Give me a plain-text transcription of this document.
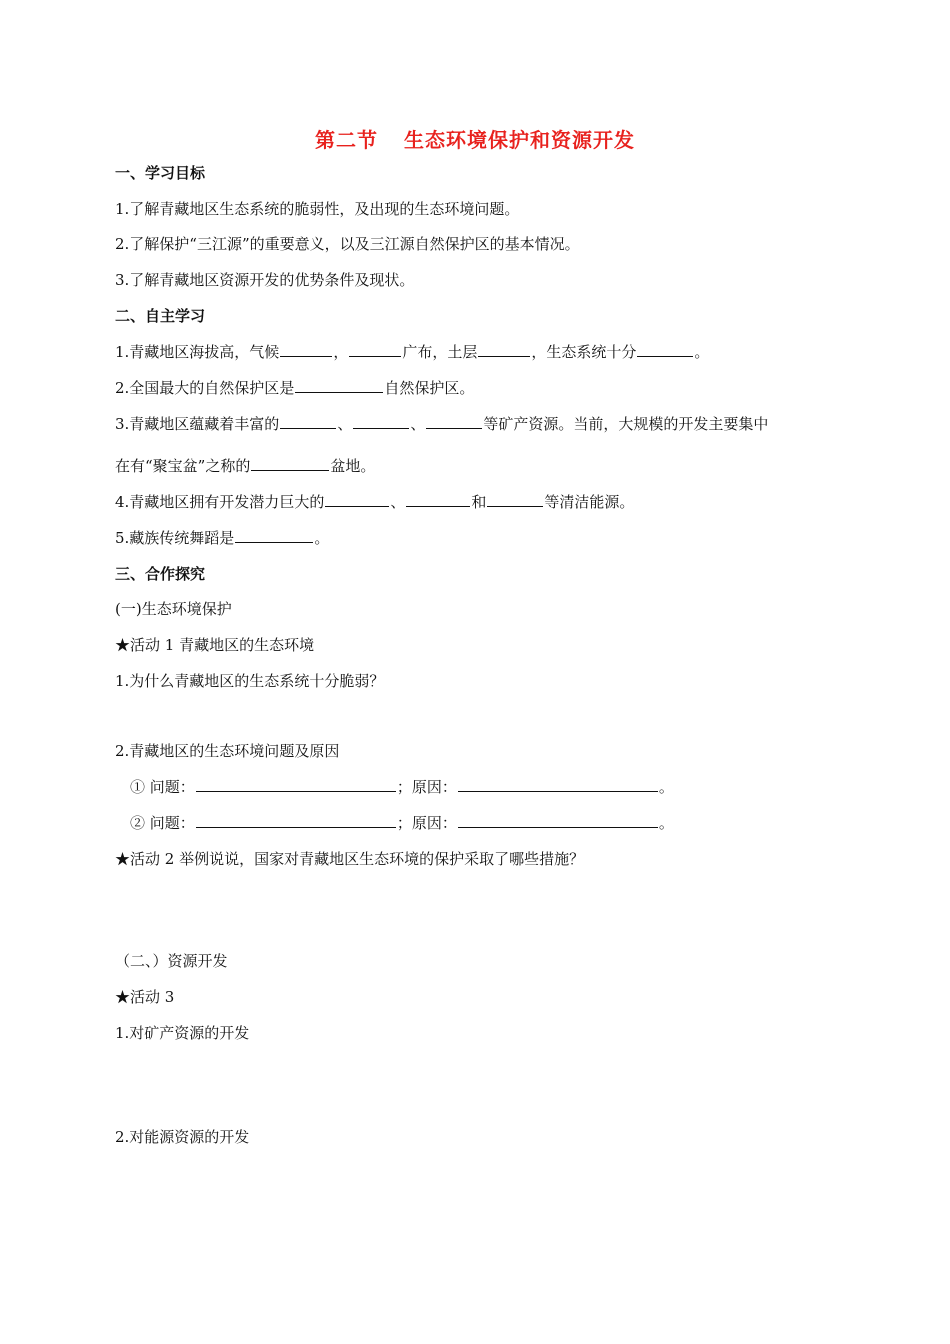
第二节 生态环境保护和资源开发
一、学习目标
1.了解青藏地区生态系统的脆弱性，及出现的生态环境问题。
2.了解保护“三江源”的重要意义，以及三江源自然保护区的基本情况。
3.了解青藏地区资源开发的优势条件及现状。
二、自主学习
1.青藏地区海拔高，气候	，	广布，土层	，生态系统十分	。
2.全国最大的自然保护区是	自然保护区。
3.青藏地区蕴藏着丰富的	、	、	等矿产资源。当前，大规模的开发主要集中
在有“聚宝盆”之称的	盆地。
4.青藏地区拥有开发潜力巨大的	、	和	等清洁能源。
5.藏族传统舞蹈是	。
三、合作探究
(一)生态环境保护
★活动 1 青藏地区的生态环境
1.为什么青藏地区的生态系统十分脆弱？
2.青藏地区的生态环境问题及原因
① 问题：	；原因：	。
② 问题：	；原因：	。
★活动 2 举例说说，国家对青藏地区生态环境的保护采取了哪些措施？
（二、）资源开发
★活动 3
1.对矿产资源的开发
2.对能源资源的开发
